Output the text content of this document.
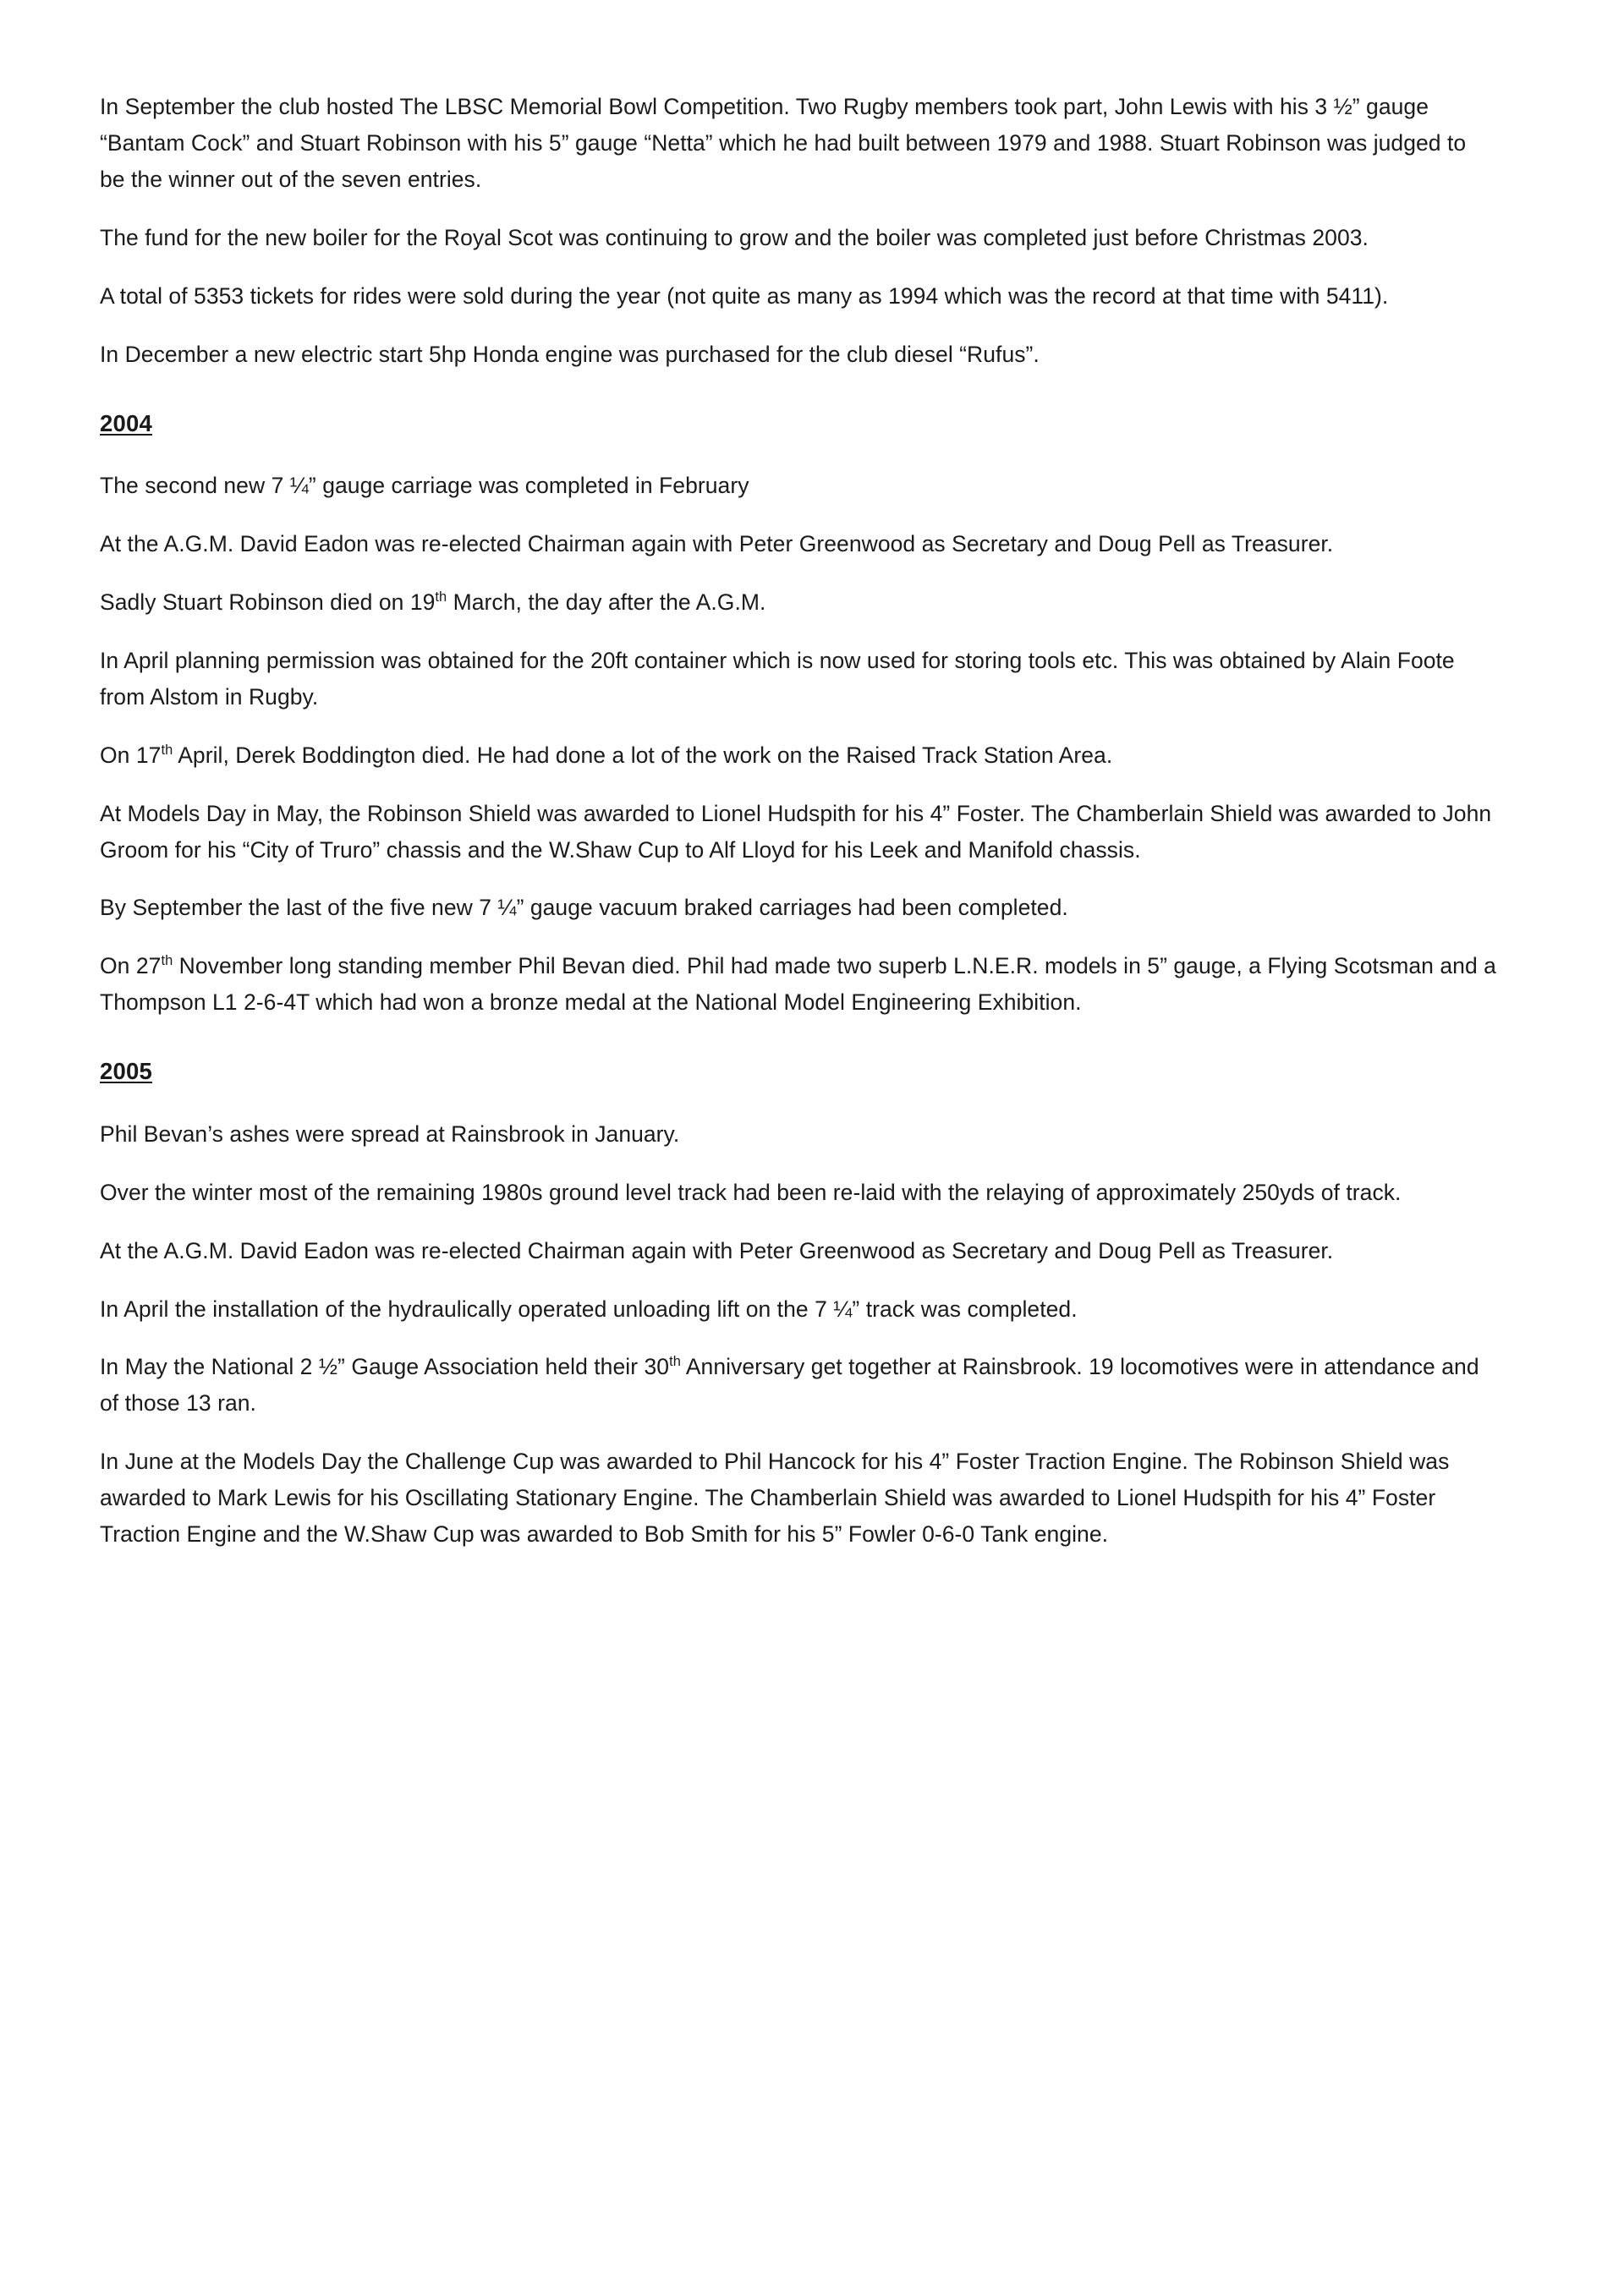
In September the club hosted The LBSC Memorial Bowl Competition. Two Rugby members took part, John Lewis with his 3 ½” gauge “Bantam Cock” and Stuart Robinson with his 5” gauge “Netta” which he had built between 1979 and 1988. Stuart Robinson was judged to be the winner out of the seven entries.

The fund for the new boiler for the Royal Scot was continuing to grow and the boiler was completed just before Christmas 2003.

A total of 5353 tickets for rides were sold during the year (not quite as many as 1994 which was the record at that time with 5411).

In December a new electric start 5hp Honda engine was purchased for the club diesel “Rufus”.

2004

The second new 7 ¼” gauge carriage was completed in February

At the A.G.M. David Eadon was re-elected Chairman again with Peter Greenwood as Secretary and Doug Pell as Treasurer.

Sadly Stuart Robinson died on 19th March, the day after the A.G.M.

In April planning permission was obtained for the 20ft container which is now used for storing tools etc. This was obtained by Alain Foote from Alstom in Rugby.

On 17th April, Derek Boddington died. He had done a lot of the work on the Raised Track Station Area.

At Models Day in May, the Robinson Shield was awarded to Lionel Hudspith for his 4” Foster. The Chamberlain Shield was awarded to John Groom for his “City of Truro” chassis and the W.Shaw Cup to Alf Lloyd for his Leek and Manifold chassis.

By September the last of the five new 7 ¼” gauge vacuum braked carriages had been completed.

On 27th November long standing member Phil Bevan died. Phil had made two superb L.N.E.R. models in 5” gauge, a Flying Scotsman and a Thompson L1 2-6-4T which had won a bronze medal at the National Model Engineering Exhibition.

2005

Phil Bevan’s ashes were spread at Rainsbrook in January.

Over the winter most of the remaining 1980s ground level track had been re-laid with the relaying of approximately 250yds of track.

At the A.G.M. David Eadon was re-elected Chairman again with Peter Greenwood as Secretary and Doug Pell as Treasurer.

In April the installation of the hydraulically operated unloading lift on the 7 ¼” track was completed.

In May the National 2 ½” Gauge Association held their 30th Anniversary get together at Rainsbrook. 19 locomotives were in attendance and of those 13 ran.

In June at the Models Day the Challenge Cup was awarded to Phil Hancock for his 4” Foster Traction Engine. The Robinson Shield was awarded to Mark Lewis for his Oscillating Stationary Engine. The Chamberlain Shield was awarded to Lionel Hudspith for his 4” Foster Traction Engine and the W.Shaw Cup was awarded to Bob Smith for his 5” Fowler 0-6-0 Tank engine.
